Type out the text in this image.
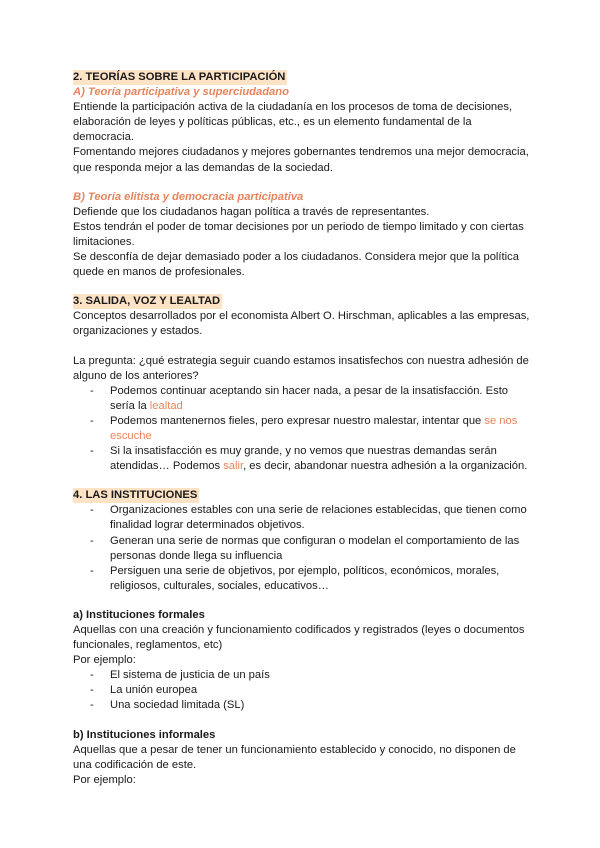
2. TEORÍAS SOBRE LA PARTICIPACIÓN

A) Teoría participativa y superciudadano

Entiende la participación activa de la ciudadanía en los procesos de toma de decisiones, elaboración de leyes y políticas públicas, etc., es un elemento fundamental de la democracia.

Fomentando mejores ciudadanos y mejores gobernantes tendremos una mejor democracia, que responda mejor a las demandas de la sociedad.

B) Teoría elitista y democracia participativa

Defiende que los ciudadanos hagan política a través de representantes.

Estos tendrán el poder de tomar decisiones por un periodo de tiempo limitado y con ciertas limitaciones.

Se desconfía de dejar demasiado poder a los ciudadanos. Considera mejor que la política quede en manos de profesionales.

3. SALIDA, VOZ Y LEALTAD

Conceptos desarrollados por el economista Albert O. Hirschman, aplicables a las empresas, organizaciones y estados.

La pregunta: ¿qué estrategia seguir cuando estamos insatisfechos con nuestra adhesión de alguno de los anteriores?

- Podemos continuar aceptando sin hacer nada, a pesar de la insatisfacción. Esto sería la lealtad
- Podemos mantenernos fieles, pero expresar nuestro malestar, intentar que se nos escuche
- Si la insatisfacción es muy grande, y no vemos que nuestras demandas serán atendidas… Podemos salir, es decir, abandonar nuestra adhesión a la organización.

4. LAS INSTITUCIONES

- Organizaciones estables con una serie de relaciones establecidas, que tienen como finalidad lograr determinados objetivos.
- Generan una serie de normas que configuran o modelan el comportamiento de las personas donde llega su influencia
- Persiguen una serie de objetivos, por ejemplo, políticos, económicos, morales, religiosos, culturales, sociales, educativos…

a) Instituciones formales

Aquellas con una creación y funcionamiento codificados y registrados (leyes o documentos funcionales, reglamentos, etc)

Por ejemplo:

- El sistema de justicia de un país
- La unión europea
- Una sociedad limitada (SL)

b) Instituciones informales

Aquellas que a pesar de tener un funcionamiento establecido y conocido, no disponen de una codificación de este.

Por ejemplo:
